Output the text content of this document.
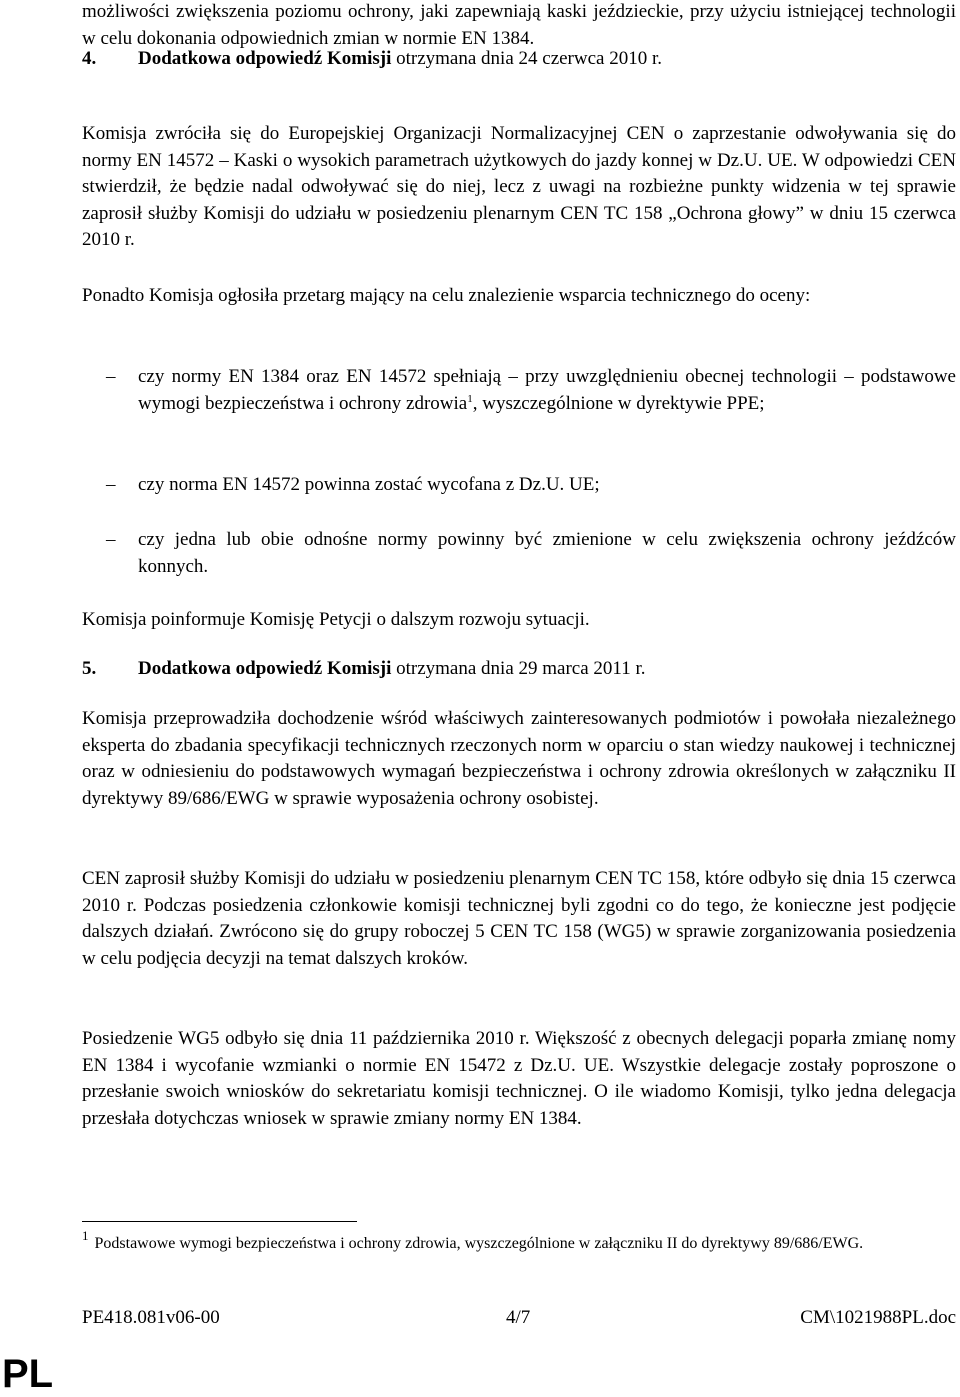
możliwości zwiększenia poziomu ochrony, jaki zapewniają kaski jeździeckie, przy użyciu istniejącej technologii w celu dokonania odpowiednich zmian w normie EN 1384.

4. Dodatkowa odpowiedź Komisji otrzymana dnia 24 czerwca 2010 r.

Komisja zwróciła się do Europejskiej Organizacji Normalizacyjnej CEN o zaprzestanie odwoływania się do normy EN 14572 – Kaski o wysokich parametrach użytkowych do jazdy konnej w Dz.U. UE. W odpowiedzi CEN stwierdził, że będzie nadal odwoływać się do niej, lecz z uwagi na rozbieżne punkty widzenia w tej sprawie zaprosił służby Komisji do udziału w posiedzeniu plenarnym CEN TC 158 „Ochrona głowy” w dniu 15 czerwca 2010 r.

Ponadto Komisja ogłosiła przetarg mający na celu znalezienie wsparcia technicznego do oceny:

– czy normy EN 1384 oraz EN 14572 spełniają – przy uwzględnieniu obecnej technologii – podstawowe wymogi bezpieczeństwa i ochrony zdrowia$^1$, wyszczególnione w dyrektywie PPE;
– czy norma EN 14572 powinna zostać wycofana z Dz.U. UE;
– czy jedna lub obie odnośne normy powinny być zmienione w celu zwiększenia ochrony jeźdźców konnych.

Komisja poinformuje Komisję Petycji o dalszym rozwoju sytuacji.

5. Dodatkowa odpowiedź Komisji otrzymana dnia 29 marca 2011 r.

Komisja przeprowadziła dochodzenie wśród właściwych zainteresowanych podmiotów i powołała niezależnego eksperta do zbadania specyfikacji technicznych rzeczonych norm w oparciu o stan wiedzy naukowej i technicznej oraz w odniesieniu do podstawowych wymagań bezpieczeństwa i ochrony zdrowia określonych w załączniku II dyrektywy 89/686/EWG w sprawie wyposażenia ochrony osobistej.

CEN zaprosił służby Komisji do udziału w posiedzeniu plenarnym CEN TC 158, które odbyło się dnia 15 czerwca 2010 r. Podczas posiedzenia członkowie komisji technicznej byli zgodni co do tego, że konieczne jest podjęcie dalszych działań. Zwrócono się do grupy roboczej 5 CEN TC 158 (WG5) w sprawie zorganizowania posiedzenia w celu podjęcia decyzji na temat dalszych kroków.

Posiedzenie WG5 odbyło się dnia 11 października 2010 r. Większość z obecnych delegacji poparła zmianę nomy EN 1384 i wycofanie wzmianki o normie EN 15472 z Dz.U. UE. Wszystkie delegacje zostały poproszone o przesłanie swoich wniosków do sekretariatu komisji technicznej. O ile wiadomo Komisji, tylko jedna delegacja przesłała dotychczas wniosek w sprawie zmiany normy EN 1384.

$^1$ Podstawowe wymogi bezpieczeństwa i ochrony zdrowia, wyszczególnione w załączniku II do dyrektywy 89/686/EWG.
PE418.081v06-00	4/7	CM\1021988PL.doc
PL
